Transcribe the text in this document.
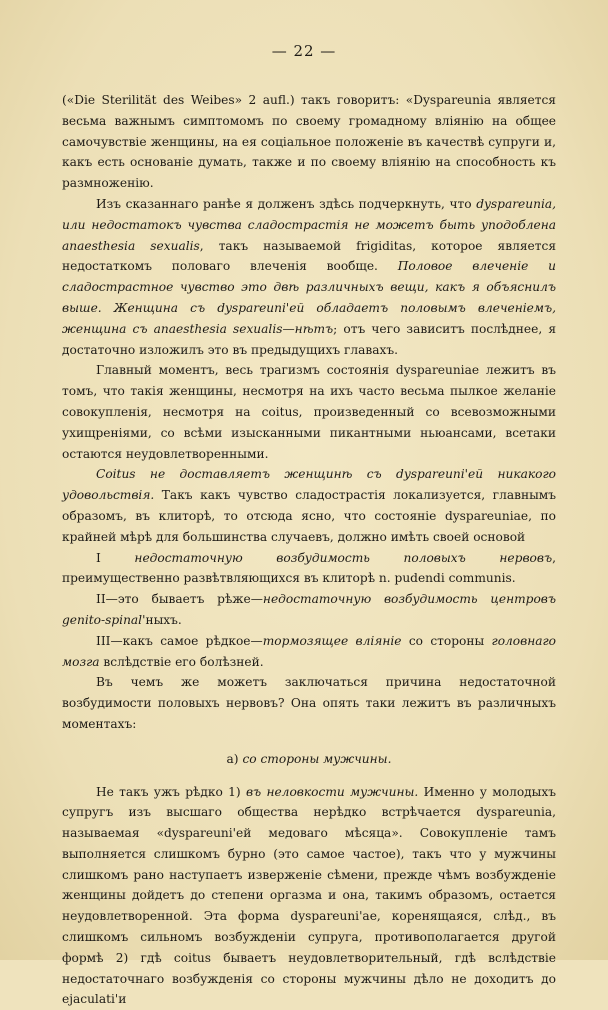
— 22 —

(«Die Sterilität des Weibes» 2 aufl.) такъ говоритъ: «Dyspareunia является весьма важнымъ симптомомъ по своему громадному вліянію на общее самочувствіе женщины, на ея соціальное положеніе въ качествѣ супруги и, какъ есть основаніе думать, также и по своему вліянію на способность къ размноженію.

Изъ сказаннаго ранѣе я долженъ здѣсь подчеркнуть, что dyspareunia, или недостатокъ чувства сладострастія не можетъ быть уподоблена anaesthesia sexualis, такъ называемой frigiditas, которое является недостаткомъ половаго влеченія вообще. Половое влеченіе и сладострастное чувство это двѣ различныхъ вещи, какъ я объяснилъ выше. Женщина съ dyspareuni'ей обладаетъ половымъ влеченіемъ, женщина съ anaesthesia sexualis—нѣтъ; отъ чего зависитъ послѣднее, я достаточно изложилъ это въ предыдущихъ главахъ.

Главный моментъ, весь трагизмъ состоянія dyspareuniae лежитъ въ томъ, что такія женщины, несмотря на ихъ часто весьма пылкое желаніе совокупленія, несмотря на coitus, произведенный со всевозможными ухищреніями, со всѣми изысканными пикантными ньюансами, всетаки остаются неудовлетворенными.

Coitus не доставляетъ женщинѣ съ dyspareuni'ей никакого удовольствія. Такъ какъ чувство сладострастія локализуется, главнымъ образомъ, въ клиторѣ, то отсюда ясно, что состояніе dyspareuniae, по крайней мѣрѣ для большинства случаевъ, должно имѣть своей основой

I недостаточную возбудимость половыхъ нервовъ, преимущественно развѣтвляющихся въ клиторѣ n. pudendi communis.

II—это бываетъ рѣже—недостаточную возбудимость центровъ genito-spinal'ныхъ.

III—какъ самое рѣдкое—тормозящее вліяніе со стороны головнаго мозга вслѣдствіе его болѣзней.

Въ чемъ же можетъ заключаться причина недостаточной возбудимости половыхъ нервовъ? Она опять таки лежитъ въ различныхъ моментахъ:

a) со стороны мужчины.

Не такъ ужъ рѣдко 1) въ неловкости мужчины. Именно у молодыхъ супругъ изъ высшаго общества нерѣдко встрѣчается dyspareunia, называемая «dyspareuni'ей медоваго мѣсяца». Совокупленіе тамъ выполняется слишкомъ бурно (это самое частое), такъ что у мужчины слишкомъ рано наступаетъ изверженіе сѣмени, прежде чѣмъ возбужденіе женщины дойдетъ до степени оргазма и она, такимъ образомъ, остается неудовлетворенной. Эта форма dyspareuni'ae, коренящаяся, слѣд., въ слишкомъ сильномъ возбужденіи супруга, противополагается другой формѣ 2) гдѣ coitus бываетъ неудовлетворительный, гдѣ вслѣдствіе недостаточнаго возбужденія со стороны мужчины дѣло не доходитъ до ejaculati'и
